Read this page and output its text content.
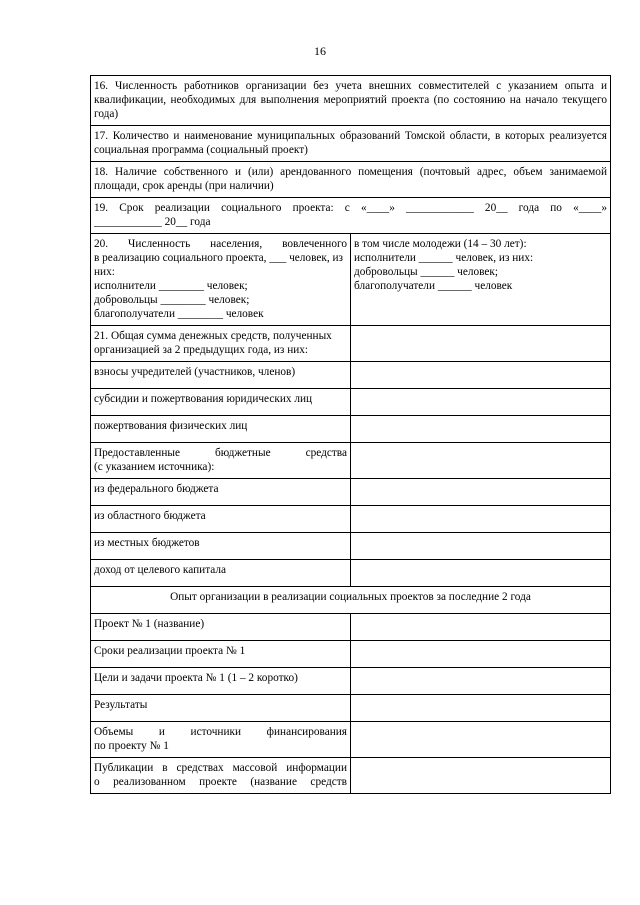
16
16. Численность работников организации без учета внешних совместителей с указанием опыта и квалификации, необходимых для выполнения мероприятий проекта (по состоянию на начало текущего года)	
17. Количество и наименование муниципальных образований Томской области, в которых реализуется социальная программа (социальный проект)	
18. Наличие собственного и (или) арендованного помещения (почтовый адрес, объем занимаемой площади, срок аренды (при наличии)	

19. Срок реализации социального проекта: с «____» ____________ 20__ года по «____»
____________ 20__ года	

20. Численность населения, вовлеченного
в реализацию социального проекта, ___ человек, из них:
исполнители ________ человек;
добровольцы ________ человек;
благополучатели ________ человек	в том числе молодежи (14 – 30 лет):
исполнители ______ человек, из них:
добровольцы ______ человек;
благополучатели ______ человек

21. Общая сумма денежных средств, полученных организацией за 2 предыдущих года, из них:	
взносы учредителей (участников, членов)	
субсидии и пожертвования юридических лиц	
пожертвования физических лиц	

Предоставленные бюджетные средства
(с указанием источника):	

из федерального бюджета	
из областного бюджета	
из местных бюджетов	
доход от целевого капитала	
Опыт организации в реализации социальных проектов за последние 2 года	
Проект № 1 (название)	
Сроки реализации проекта № 1	
Цели и задачи проекта № 1 (1 – 2 коротко)	
Результаты	

Объемы и источники финансирования
по проекту № 1	

Публикации в средствах массовой информации
о реализованном проекте (название средств	
